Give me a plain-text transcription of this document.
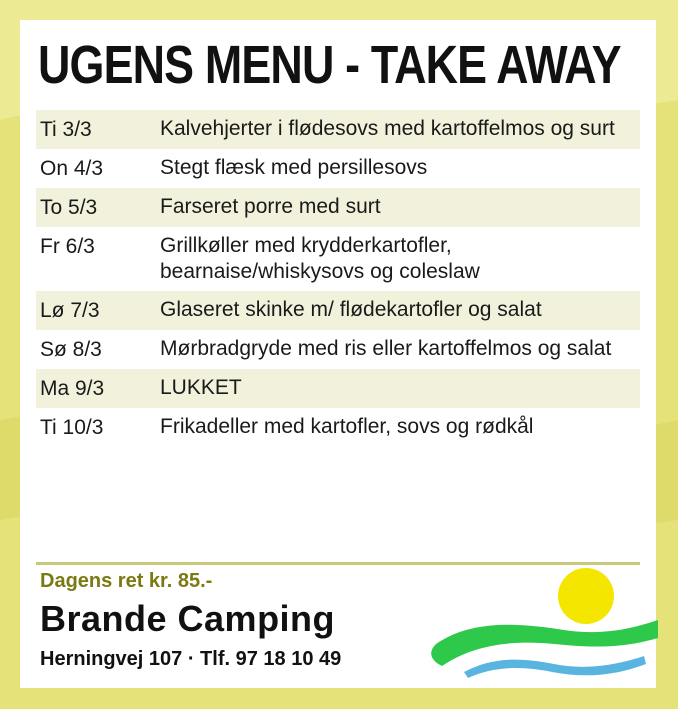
UGENS MENU - TAKE AWAY
Ti 3/3	Kalvehjerter i flødesovs med kartoffelmos og surt
On 4/3	Stegt flæsk med persillesovs
To 5/3	Farseret porre med surt
Fr 6/3	Grillkøller med krydderkartofler, bearnaise/whiskysovs og coleslaw
Lø 7/3	Glaseret skinke m/ flødekartofler og salat
Sø 8/3	Mørbradgryde med ris eller kartoffelmos og salat
Ma 9/3	LUKKET
Ti 10/3	Frikadeller med kartofler, sovs og rødkål
Dagens ret kr. 85.-
Brande Camping
Herningvej 107 · Tlf. 97 18 10 49
